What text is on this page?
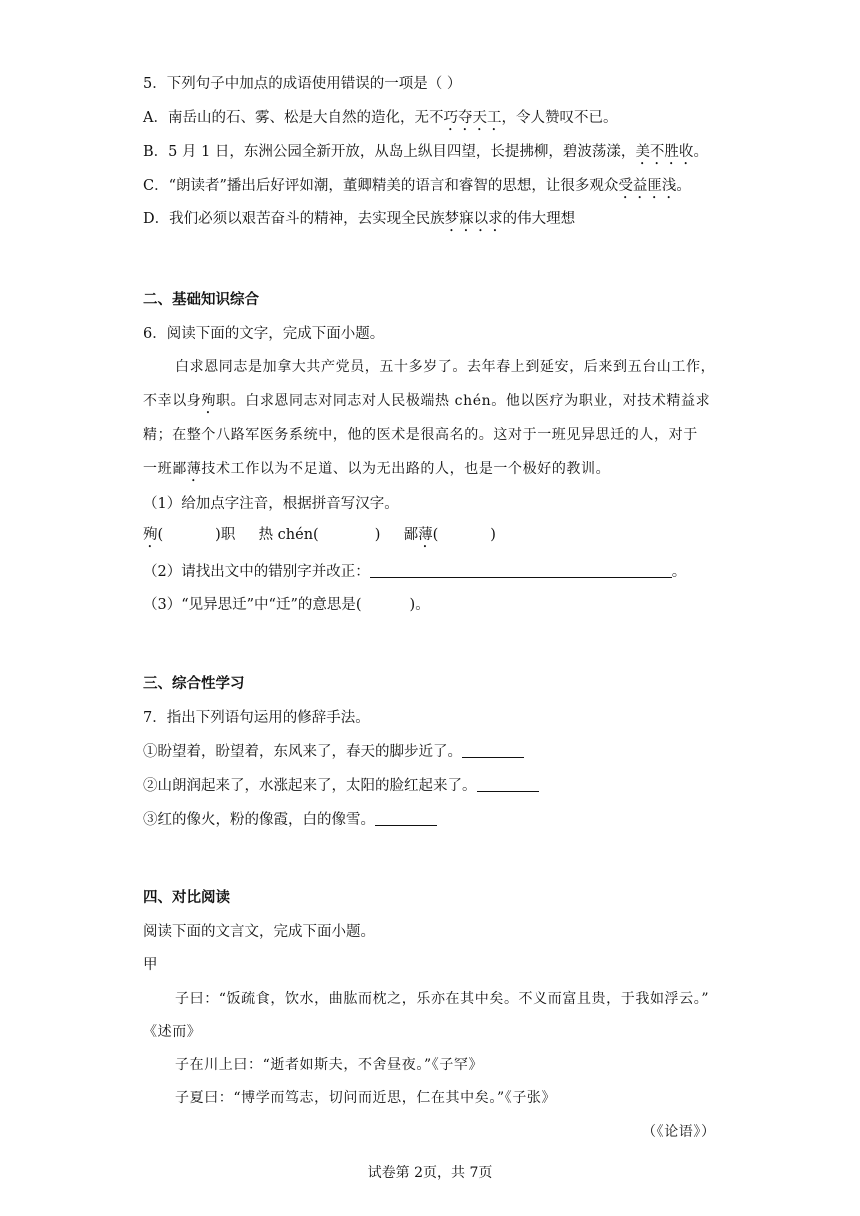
5．下列句子中加点的成语使用错误的一项是（ ）
A．南岳山的石、雾、松是大自然的造化，无不巧夺天工，令人赞叹不已。
B．5 月 1 日，东洲公园全新开放，从岛上纵目四望，长提拂柳，碧波荡漾，美不胜收。
C．“朗读者”播出后好评如潮，董卿精美的语言和睿智的思想，让很多观众受益匪浅。
D．我们必须以艰苦奋斗的精神，去实现全民族梦寐以求的伟大理想
二、基础知识综合
6．阅读下面的文字，完成下面小题。
白求恩同志是加拿大共产党员，五十多岁了。去年春上到延安，后来到五台山工作，
不幸以身殉职。白求恩同志对同志对人民极端热 chén。他以医疗为职业，对技术精益求
精；在整个八路军医务系统中，他的医术是很高名的。这对于一班见异思迁的人，对于
一班鄙薄技术工作以为不足道、以为无出路的人，也是一个极好的教训。
（1）给加点字注音，根据拼音写汉字。
殉(	)职 热 chén(	) 鄙薄(	)
（2）请找出文中的错别字并改正：	。
（3）“见异思迁”中“迁”的意思是(	)。
三、综合性学习
7．指出下列语句运用的修辞手法。
①盼望着，盼望着，东风来了，春天的脚步近了。
②山朗润起来了，水涨起来了，太阳的脸红起来了。
③红的像火，粉的像霞，白的像雪。
四、对比阅读
阅读下面的文言文，完成下面小题。
甲
子曰：“饭疏食，饮水，曲肱而枕之，乐亦在其中矣。不义而富且贵，于我如浮云。”
《述而》
子在川上曰：“逝者如斯夫，不舍昼夜。”《子罕》
子夏曰：“博学而笃志，切问而近思，仁在其中矣。”《子张》
（《论语》）
试卷第 2页，共 7页
